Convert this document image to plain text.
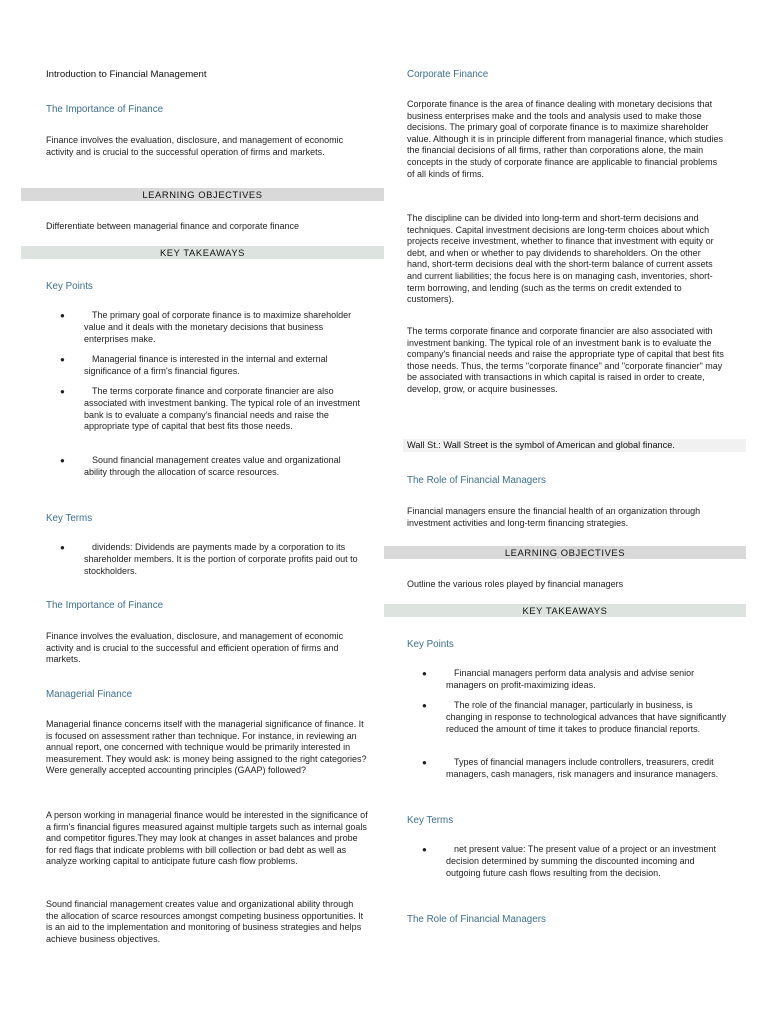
Introduction to Financial Management
The Importance of Finance
Finance involves the evaluation, disclosure, and management of economic activity and is crucial to the successful operation of firms and markets.
LEARNING OBJECTIVES
Differentiate between managerial finance and corporate finance
KEY TAKEAWAYS
Key Points
●	The primary goal of corporate finance is to maximize shareholder value and it deals with the monetary decisions that business enterprises make.
●	Managerial finance is interested in the internal and external significance of a firm's financial figures.
●	The terms corporate finance and corporate financier are also associated with investment banking. The typical role of an investment bank is to evaluate a company's financial needs and raise the appropriate type of capital that best fits those needs.
●	Sound financial management creates value and organizational ability through the allocation of scarce resources.
Key Terms
●	dividends: Dividends are payments made by a corporation to its shareholder members. It is the portion of corporate profits paid out to stockholders.
The Importance of Finance
Finance involves the evaluation, disclosure, and management of economic activity and is crucial to the successful and efficient operation of firms and markets.
Managerial Finance
Managerial finance concerns itself with the managerial significance of finance. It is focused on assessment rather than technique. For instance, in reviewing an annual report, one concerned with technique would be primarily interested in measurement. They would ask: is money being assigned to the right categories? Were generally accepted accounting principles (GAAP) followed?
A person working in managerial finance would be interested in the significance of a firm's financial figures measured against multiple targets such as internal goals and competitor figures.They may look at changes in asset balances and probe for red flags that indicate problems with bill collection or bad debt as well as analyze working capital to anticipate future cash flow problems.
Sound financial management creates value and organizational ability through the allocation of scarce resources amongst competing business opportunities. It is an aid to the implementation and monitoring of business strategies and helps achieve business objectives.
Corporate Finance
Corporate finance is the area of finance dealing with monetary decisions that business enterprises make and the tools and analysis used to make those decisions. The primary goal of corporate finance is to maximize shareholder value. Although it is in principle different from managerial finance, which studies the financial decisions of all firms, rather than corporations alone, the main concepts in the study of corporate finance are applicable to financial problems of all kinds of firms.
The discipline can be divided into long-term and short-term decisions and techniques. Capital investment decisions are long-term choices about which projects receive investment, whether to finance that investment with equity or debt, and when or whether to pay dividends to shareholders. On the other hand, short-term decisions deal with the short-term balance of current assets and current liabilities; the focus here is on managing cash, inventories, short-term borrowing, and lending (such as the terms on credit extended to customers).
The terms corporate finance and corporate financier are also associated with investment banking. The typical role of an investment bank is to evaluate the company's financial needs and raise the appropriate type of capital that best fits those needs. Thus, the terms "corporate finance" and "corporate financier" may be associated with transactions in which capital is raised in order to create, develop, grow, or acquire businesses.
Wall St.: Wall Street is the symbol of American and global finance.
The Role of Financial Managers
Financial managers ensure the financial health of an organization through investment activities and long-term financing strategies.
LEARNING OBJECTIVES
Outline the various roles played by financial managers
KEY TAKEAWAYS
Key Points
●	Financial managers perform data analysis and advise senior managers on profit-maximizing ideas.
●	The role of the financial manager, particularly in business, is changing in response to technological advances that have significantly reduced the amount of time it takes to produce financial reports.
●	Types of financial managers include controllers, treasurers, credit managers, cash managers, risk managers and insurance managers.
Key Terms
●	net present value: The present value of a project or an investment decision determined by summing the discounted incoming and outgoing future cash flows resulting from the decision.
The Role of Financial Managers
